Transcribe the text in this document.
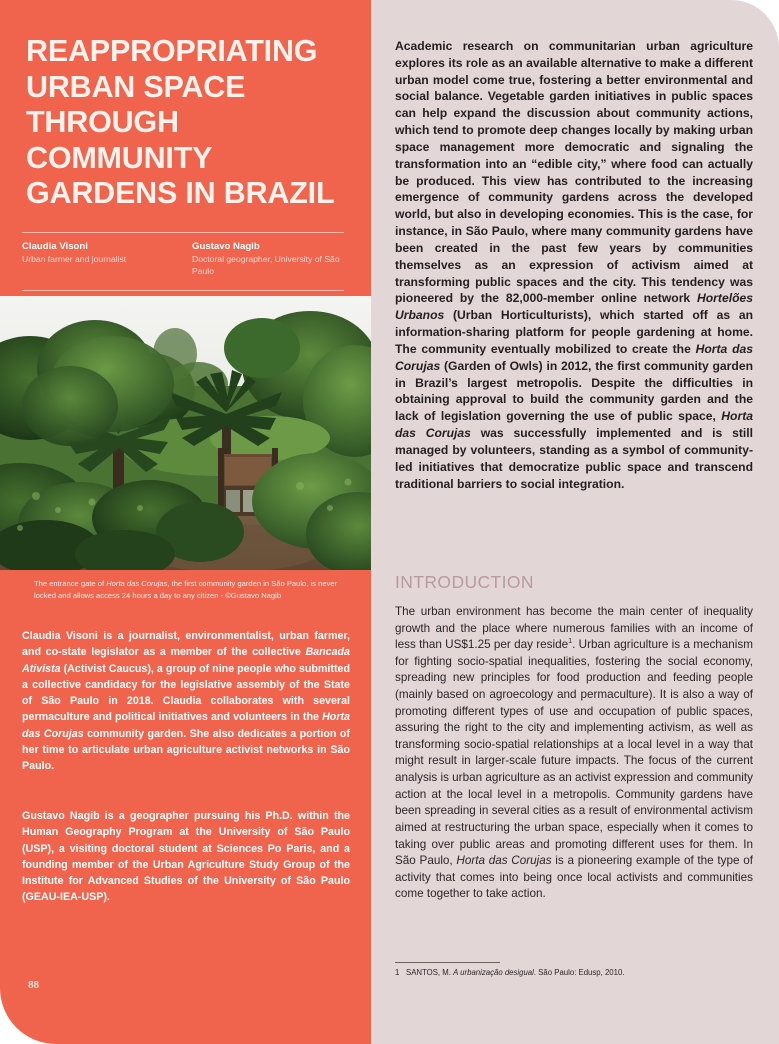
REAPPROPRIATING URBAN SPACE THROUGH COMMUNITY GARDENS IN BRAZIL
Claudia Visoni
Urban farmer and journalist
Gustavo Nagib
Doctoral geographer, University of São Paulo
The entrance gate of Horta das Corujas, the first community garden in São Paulo, is never locked and allows access 24 hours a day to any citizen - ©Gustavo Nagib
Claudia Visoni is a journalist, environmentalist, urban farmer, and co-state legislator as a member of the collective Bancada Ativista (Activist Caucus), a group of nine people who submitted a collective candidacy for the legislative assembly of the State of São Paulo in 2018. Claudia collaborates with several permaculture and political initiatives and volunteers in the Horta das Corujas community garden. She also dedicates a portion of her time to articulate urban agriculture activist networks in São Paulo.
Gustavo Nagib is a geographer pursuing his Ph.D. within the Human Geography Program at the University of São Paulo (USP), a visiting doctoral student at Sciences Po Paris, and a founding member of the Urban Agriculture Study Group of the Institute for Advanced Studies of the University of São Paulo (GEAU-IEA-USP).
88
Academic research on communitarian urban agriculture explores its role as an available alternative to make a different urban model come true, fostering a better environmental and social balance. Vegetable garden initiatives in public spaces can help expand the discussion about community actions, which tend to promote deep changes locally by making urban space management more democratic and signaling the transformation into an “edible city,” where food can actually be produced. This view has contributed to the increasing emergence of community gardens across the developed world, but also in developing economies. This is the case, for instance, in São Paulo, where many community gardens have been created in the past few years by communities themselves as an expression of activism aimed at transforming public spaces and the city. This tendency was pioneered by the 82,000-member online network Hortelões Urbanos (Urban Horticulturists), which started off as an information-sharing platform for people gardening at home. The community eventually mobilized to create the Horta das Corujas (Garden of Owls) in 2012, the first community garden in Brazil’s largest metropolis. Despite the difficulties in obtaining approval to build the community garden and the lack of legislation governing the use of public space, Horta das Corujas was successfully implemented and is still managed by volunteers, standing as a symbol of community-led initiatives that democratize public space and transcend traditional barriers to social integration.
INTRODUCTION
The urban environment has become the main center of inequality growth and the place where numerous families with an income of less than US$1.25 per day reside$^1$. Urban agriculture is a mechanism for fighting socio-spatial inequalities, fostering the social economy, spreading new principles for food production and feeding people (mainly based on agroecology and permaculture). It is also a way of promoting different types of use and occupation of public spaces, assuring the right to the city and implementing activism, as well as transforming socio-spatial relationships at a local level in a way that might result in larger-scale future impacts. The focus of the current analysis is urban agriculture as an activist expression and community action at the local level in a metropolis. Community gardens have been spreading in several cities as a result of environmental activism aimed at restructuring the urban space, especially when it comes to taking over public areas and promoting different uses for them. In São Paulo, Horta das Corujas is a pioneering example of the type of activity that comes into being once local activists and communities come together to take action.
1 SANTOS, M. A urbanização desigual. São Paulo: Edusp, 2010.
